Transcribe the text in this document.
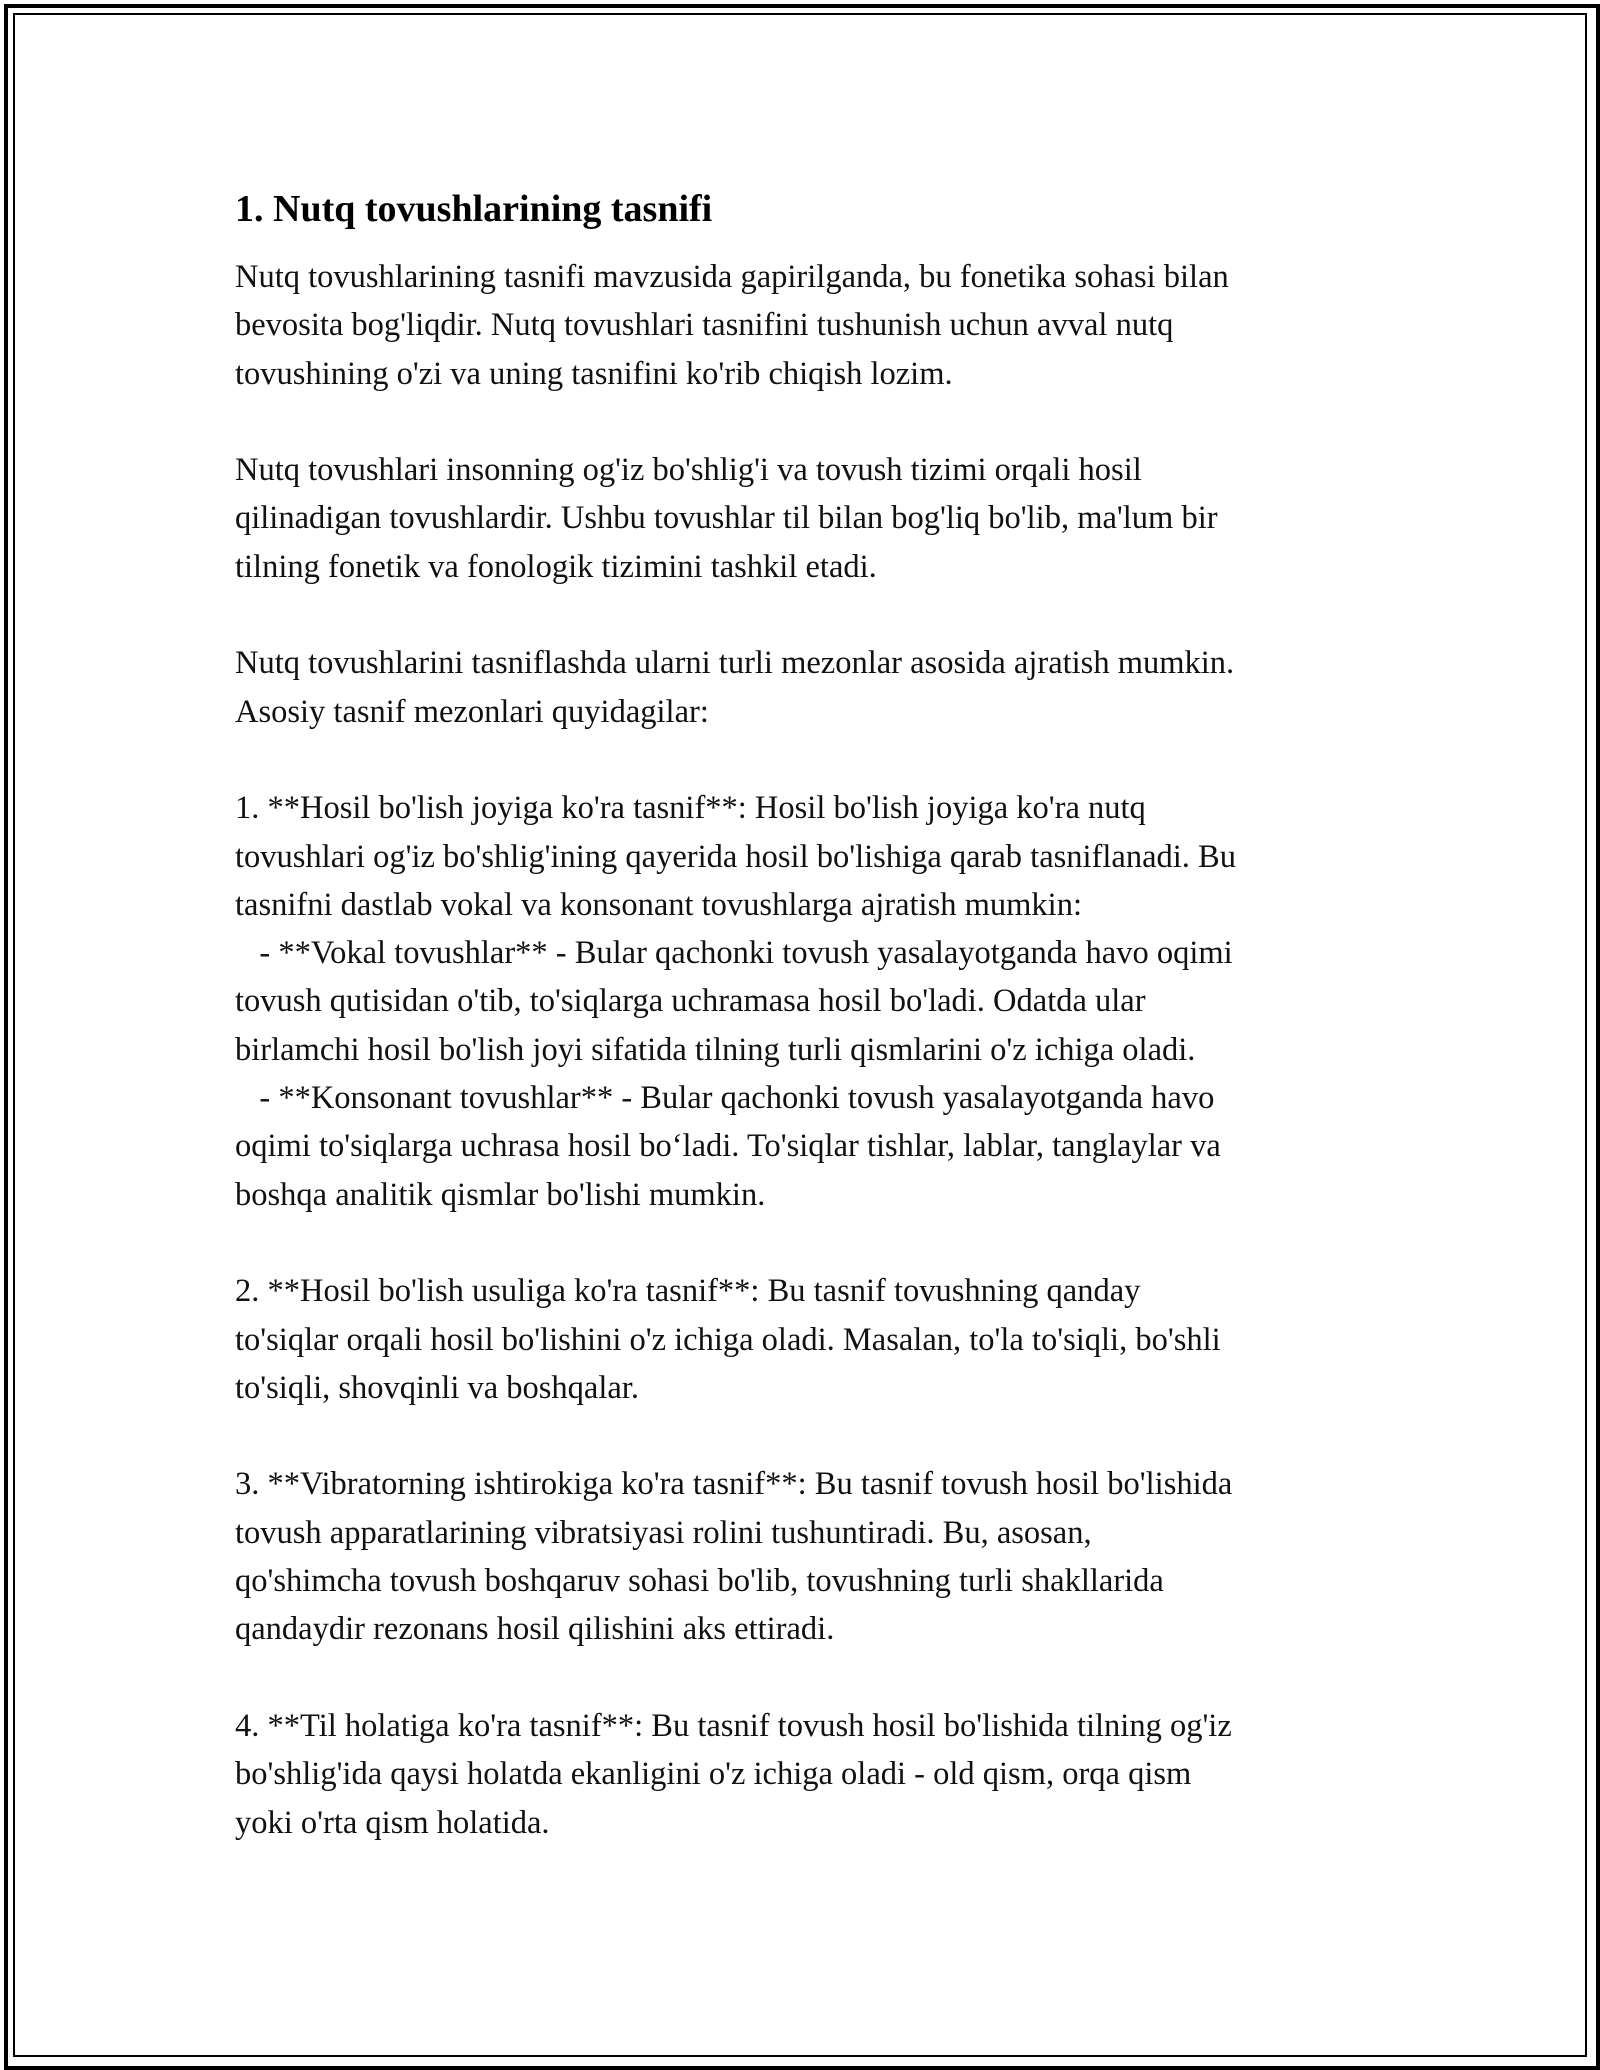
1. Nutq tovushlarining tasnifi

Nutq tovushlarining tasnifi mavzusida gapirilganda, bu fonetika sohasi bilan
bevosita bog'liqdir. Nutq tovushlari tasnifini tushunish uchun avval nutq
tovushining o'zi va uning tasnifini ko'rib chiqish lozim.

Nutq tovushlari insonning og'iz bo'shlig'i va tovush tizimi orqali hosil
qilinadigan tovushlardir. Ushbu tovushlar til bilan bog'liq bo'lib, ma'lum bir
tilning fonetik va fonologik tizimini tashkil etadi.

Nutq tovushlarini tasniflashda ularni turli mezonlar asosida ajratish mumkin.
Asosiy tasnif mezonlari quyidagilar:

1. **Hosil bo'lish joyiga ko'ra tasnif**: Hosil bo'lish joyiga ko'ra nutq
tovushlari og'iz bo'shlig'ining qayerida hosil bo'lishiga qarab tasniflanadi. Bu
tasnifni dastlab vokal va konsonant tovushlarga ajratish mumkin:
- **Vokal tovushlar** - Bular qachonki tovush yasalayotganda havo oqimi
tovush qutisidan o'tib, to'siqlarga uchramasa hosil bo'ladi. Odatda ular
birlamchi hosil bo'lish joyi sifatida tilning turli qismlarini o'z ichiga oladi.
- **Konsonant tovushlar** - Bular qachonki tovush yasalayotganda havo
oqimi to'siqlarga uchrasa hosil bo‘ladi. To'siqlar tishlar, lablar, tanglaylar va
boshqa analitik qismlar bo'lishi mumkin.

2. **Hosil bo'lish usuliga ko'ra tasnif**: Bu tasnif tovushning qanday
to'siqlar orqali hosil bo'lishini o'z ichiga oladi. Masalan, to'la to'siqli, bo'shli
to'siqli, shovqinli va boshqalar.

3. **Vibratorning ishtirokiga ko'ra tasnif**: Bu tasnif tovush hosil bo'lishida
tovush apparatlarining vibratsiyasi rolini tushuntiradi. Bu, asosan,
qo'shimcha tovush boshqaruv sohasi bo'lib, tovushning turli shakllarida
qandaydir rezonans hosil qilishini aks ettiradi.

4. **Til holatiga ko'ra tasnif**: Bu tasnif tovush hosil bo'lishida tilning og'iz
bo'shlig'ida qaysi holatda ekanligini o'z ichiga oladi - old qism, orqa qism
yoki o'rta qism holatida.
